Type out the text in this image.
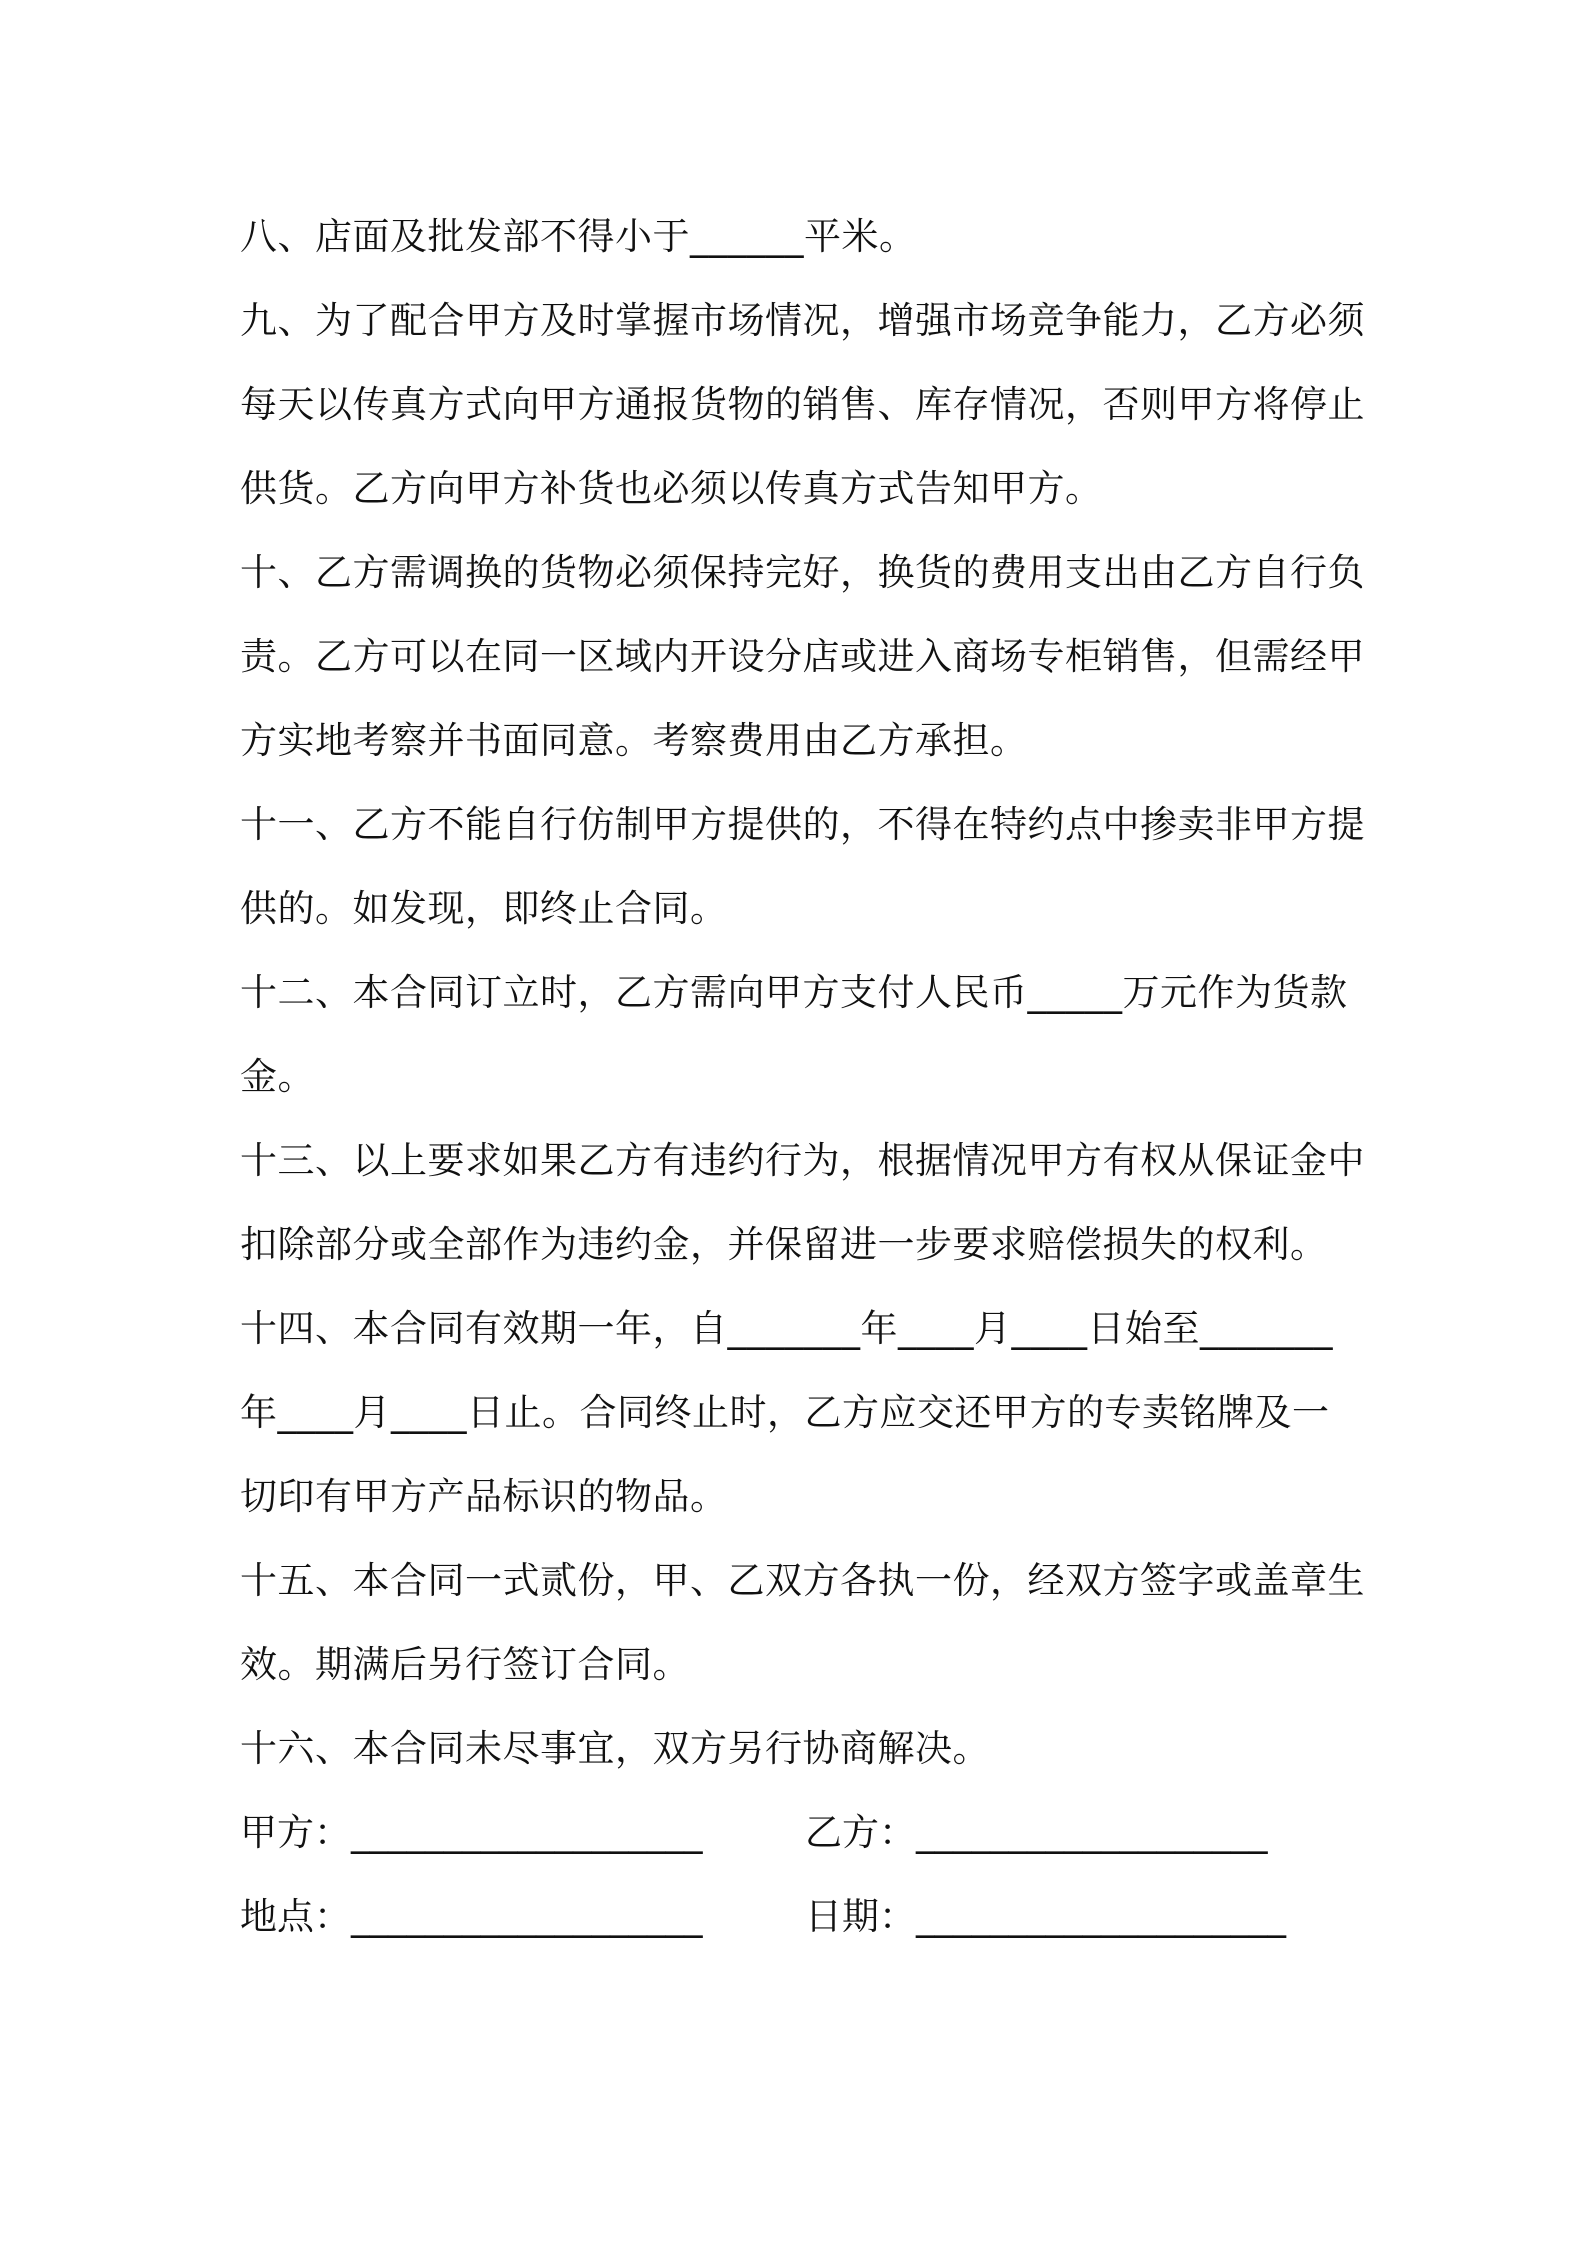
八、店面及批发部不得小于______平米。
九、为了配合甲方及时掌握市场情况，增强市场竞争能力，乙方必须
每天以传真方式向甲方通报货物的销售、库存情况，否则甲方将停止
供货。乙方向甲方补货也必须以传真方式告知甲方。
十、乙方需调换的货物必须保持完好，换货的费用支出由乙方自行负
责。乙方可以在同一区域内开设分店或进入商场专柜销售，但需经甲
方实地考察并书面同意。考察费用由乙方承担。
十一、乙方不能自行仿制甲方提供的，不得在特约点中掺卖非甲方提
供的。如发现，即终止合同。
十二、本合同订立时，乙方需向甲方支付人民币_____万元作为货款
金。
十三、以上要求如果乙方有违约行为，根据情况甲方有权从保证金中
扣除部分或全部作为违约金，并保留进一步要求赔偿损失的权利。
十四、本合同有效期一年，自_______年____月____日始至_______
年____月____日止。合同终止时，乙方应交还甲方的专卖铭牌及一
切印有甲方产品标识的物品。
十五、本合同一式贰份，甲、乙双方各执一份，经双方签字或盖章生
效。期满后另行签订合同。
十六、本合同未尽事宜，双方另行协商解决。
甲方：___________________	乙方：___________________
地点：___________________	日期：____________________
